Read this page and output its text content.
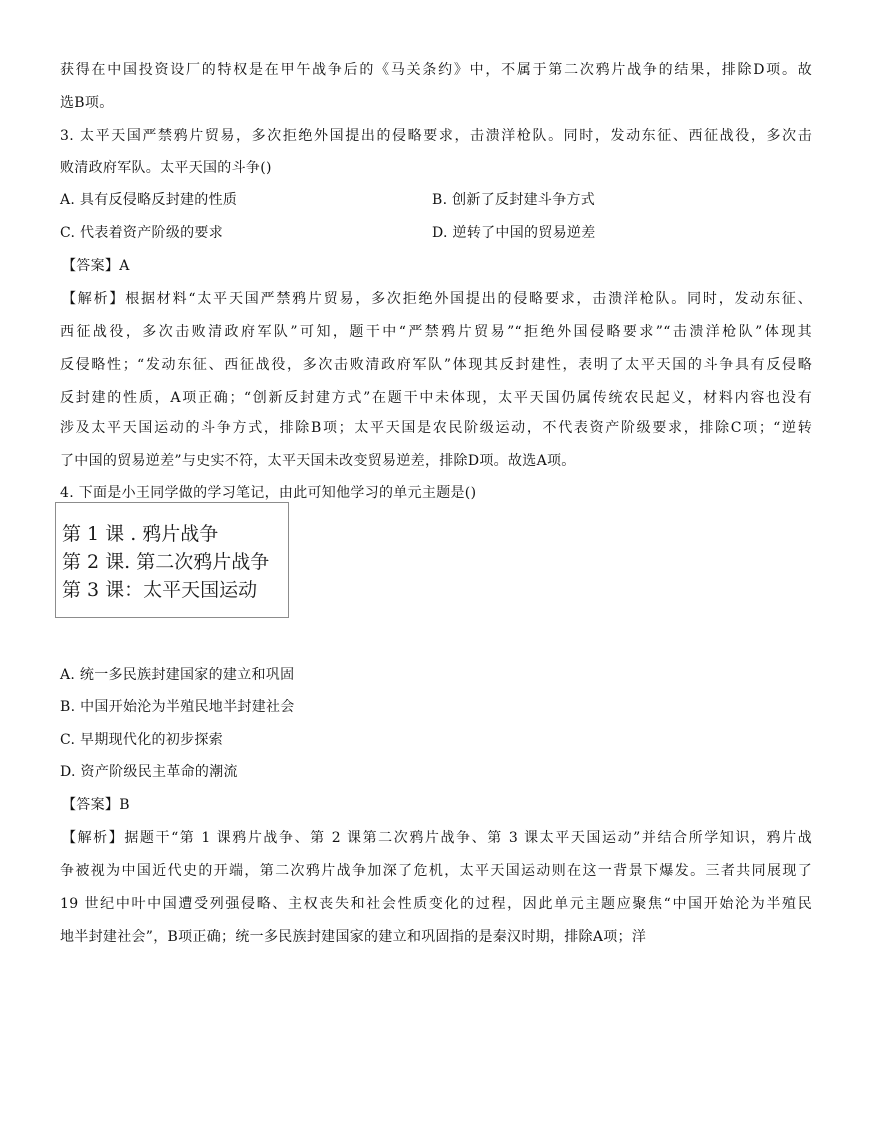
获得在中国投资设厂的特权是在甲午战争后的《马关条约》中，不属于第二次鸦片战争的结果，排除D项。故
选B项。
3. 太平天国严禁鸦片贸易，多次拒绝外国提出的侵略要求，击溃洋枪队。同时，发动东征、西征战役，多次击
败清政府军队。太平天国的斗争()
A. 具有反侵略反封建的性质	B. 创新了反封建斗争方式
C. 代表着资产阶级的要求	D. 逆转了中国的贸易逆差
【答案】A
【解析】根据材料“太平天国严禁鸦片贸易，多次拒绝外国提出的侵略要求，击溃洋枪队。同时，发动东征、
西征战役，多次击败清政府军队”可知，题干中“严禁鸦片贸易”“拒绝外国侵略要求”“击溃洋枪队”体现其
反侵略性；“发动东征、西征战役，多次击败清政府军队”体现其反封建性，表明了太平天国的斗争具有反侵略
反封建的性质，A项正确；“创新反封建方式”在题干中未体现，太平天国仍属传统农民起义，材料内容也没有
涉及太平天国运动的斗争方式，排除B项；太平天国是农民阶级运动，不代表资产阶级要求，排除C项；“逆转
了中国的贸易逆差”与史实不符，太平天国未改变贸易逆差，排除D项。故选A项。
4. 下面是小王同学做的学习笔记，由此可知他学习的单元主题是()
第 1 课 . 鸦片战争
第 2 课. 第二次鸦片战争
第 3 课：太平天国运动
A. 统一多民族封建国家的建立和巩固
B. 中国开始沦为半殖民地半封建社会
C. 早期现代化的初步探索
D. 资产阶级民主革命的潮流
【答案】B
【解析】据题干“第 1 课鸦片战争、第 2 课第二次鸦片战争、第 3 课太平天国运动”并结合所学知识，鸦片战
争被视为中国近代史的开端，第二次鸦片战争加深了危机，太平天国运动则在这一背景下爆发。三者共同展现了
19 世纪中叶中国遭受列强侵略、主权丧失和社会性质变化的过程，因此单元主题应聚焦“中国开始沦为半殖民
地半封建社会”，B项正确；统一多民族封建国家的建立和巩固指的是秦汉时期，排除A项；洋
